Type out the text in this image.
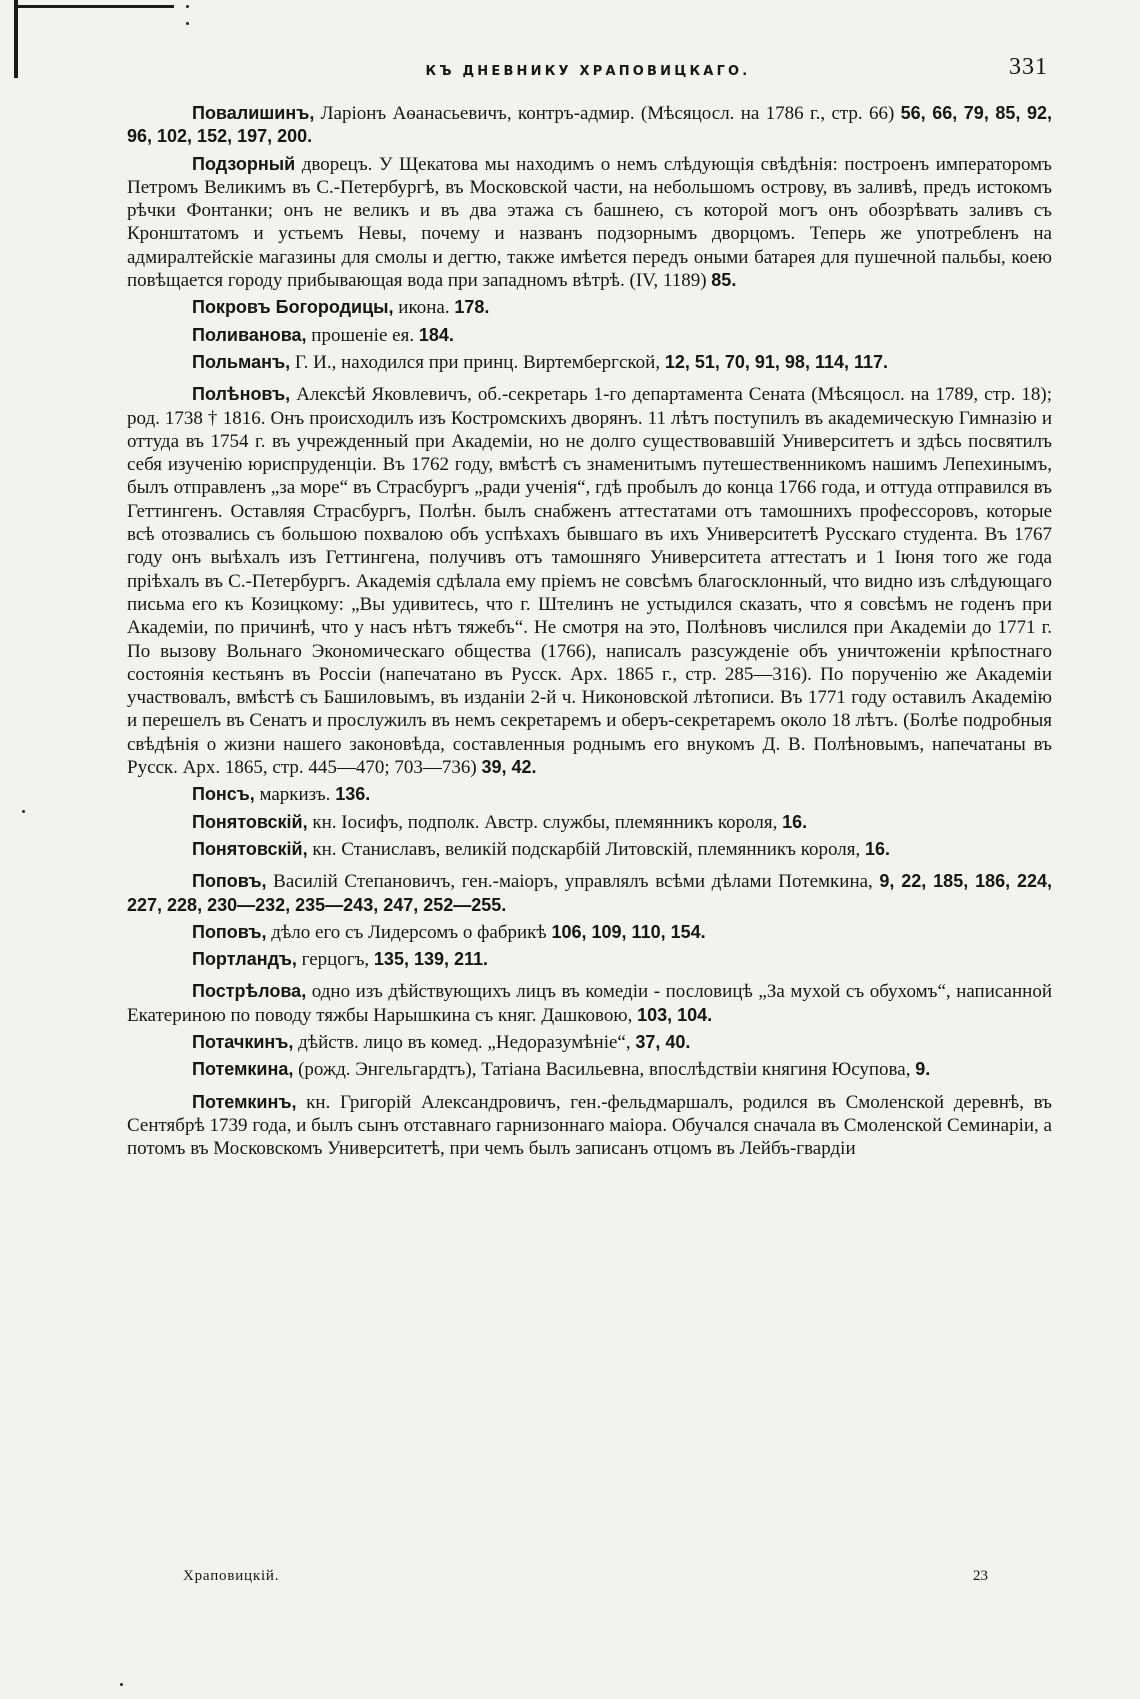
КЪ ДНЕВНИКУ ХРАПОВИЦКАГО.	331

Повалишинъ, Ларіонъ Аѳанасьевичъ, контръ-адмир. (Мѣсяцосл. на 1786 г., стр. 66) 56, 66, 79, 85, 92, 96, 102, 152, 197, 200.

Подзорный дворецъ. У Щекатова мы находимъ о немъ слѣдующія свѣдѣнія: построенъ императоромъ Петромъ Великимъ въ С.-Петербургѣ, въ Московской части, на небольшомъ острову, въ заливѣ, предъ истокомъ рѣчки Фонтанки; онъ не великъ и въ два этажа съ башнею, съ которой могъ онъ обозрѣвать заливъ съ Кронштатомъ и устьемъ Невы, почему и названъ подзорнымъ дворцомъ. Теперь же употребленъ на адмиралтейскіе магазины для смолы и дегтю, также имѣется передъ оными батарея для пушечной пальбы, коею повѣщается городу прибывающая вода при западномъ вѣтрѣ. (IV, 1189) 85.

Покровъ Богородицы, икона. 178.

Поливанова, прошеніе ея. 184.

Польманъ, Г. И., находился при принц. Виртембергской, 12, 51, 70, 91, 98, 114, 117.

Полѣновъ, Алексѣй Яковлевичъ, об.-секретарь 1-го департамента Сената (Мѣсяцосл. на 1789, стр. 18); род. 1738 † 1816. Онъ происходилъ изъ Костромскихъ дворянъ. 11 лѣтъ поступилъ въ академическую Гимназію и оттуда въ 1754 г. въ учрежденный при Академіи, но не долго существовавшій Университетъ и здѣсь посвятилъ себя изученію юриспруденціи. Въ 1762 году, вмѣстѣ съ знаменитымъ путешественникомъ нашимъ Лепехинымъ, былъ отправленъ „за море“ въ Страсбургъ „ради ученія“, гдѣ пробылъ до конца 1766 года, и оттуда отправился въ Геттингенъ. Оставляя Страсбургъ, Полѣн. былъ снабженъ аттестатами отъ тамошнихъ профессоровъ, которые всѣ отозвались съ большою похвалою объ успѣхахъ бывшаго въ ихъ Университетѣ Русскаго студента. Въ 1767 году онъ выѣхалъ изъ Геттингена, получивъ отъ тамошняго Университета аттестатъ и 1 Іюня того же года пріѣхалъ въ С.-Петербургъ. Академія сдѣлала ему пріемъ не совсѣмъ благосклонный, что видно изъ слѣдующаго письма его къ Козицкому: „Вы удивитесь, что г. Штелинъ не устыдился сказать, что я совсѣмъ не годенъ при Академіи, по причинѣ, что у насъ нѣтъ тяжебъ“. Не смотря на это, Полѣновъ числился при Академіи до 1771 г. По вызову Вольнаго Экономическаго общества (1766), написалъ разсужденіе объ уничтоженіи крѣпостнаго состоянія кестьянъ въ Россіи (напечатано въ Русск. Арх. 1865 г., стр. 285—316). По порученію же Академіи участвовалъ, вмѣстѣ съ Башиловымъ, въ изданіи 2-й ч. Никоновской лѣтописи. Въ 1771 году оставилъ Академію и перешелъ въ Сенатъ и прослужилъ въ немъ секретаремъ и оберъ-секретаремъ около 18 лѣтъ. (Болѣе подробныя свѣдѣнія о жизни нашего законовѣда, составленныя роднымъ его внукомъ Д. В. Полѣновымъ, напечатаны въ Русск. Арх. 1865, стр. 445—470; 703—736) 39, 42.

Понсъ, маркизъ. 136.

Понятовскій, кн. Іосифъ, подполк. Австр. службы, племянникъ короля, 16.

Понятовскій, кн. Станиславъ, великій подскарбій Литовскій, племянникъ короля, 16.

Поповъ, Василій Степановичъ, ген.-маіоръ, управлялъ всѣми дѣлами Потемкина, 9, 22, 185, 186, 224, 227, 228, 230—232, 235—243, 247, 252—255.

Поповъ, дѣло его съ Лидерсомъ о фабрикѣ 106, 109, 110, 154.

Портландъ, герцогъ, 135, 139, 211.

Пострѣлова, одно изъ дѣйствующихъ лицъ въ комедіи - пословицѣ „За мухой съ обухомъ“, написанной Екатериною по поводу тяжбы Нарышкина съ княг. Дашковою, 103, 104.

Потачкинъ, дѣйств. лицо въ комед. „Недоразумѣніе“, 37, 40.

Потемкина, (рожд. Энгельгардтъ), Татіана Васильевна, впослѣдствіи княгиня Юсупова, 9.

Потемкинъ, кн. Григорій Александровичъ, ген.-фельдмаршалъ, родился въ Смоленской деревнѣ, въ Сентябрѣ 1739 года, и былъ сынъ отставнаго гарнизоннаго маіора. Обучался сначала въ Смоленской Семинаріи, а потомъ въ Московскомъ Университетѣ, при чемъ былъ записанъ отцомъ въ Лейбъ-гвардіи

Храповицкій.	23
